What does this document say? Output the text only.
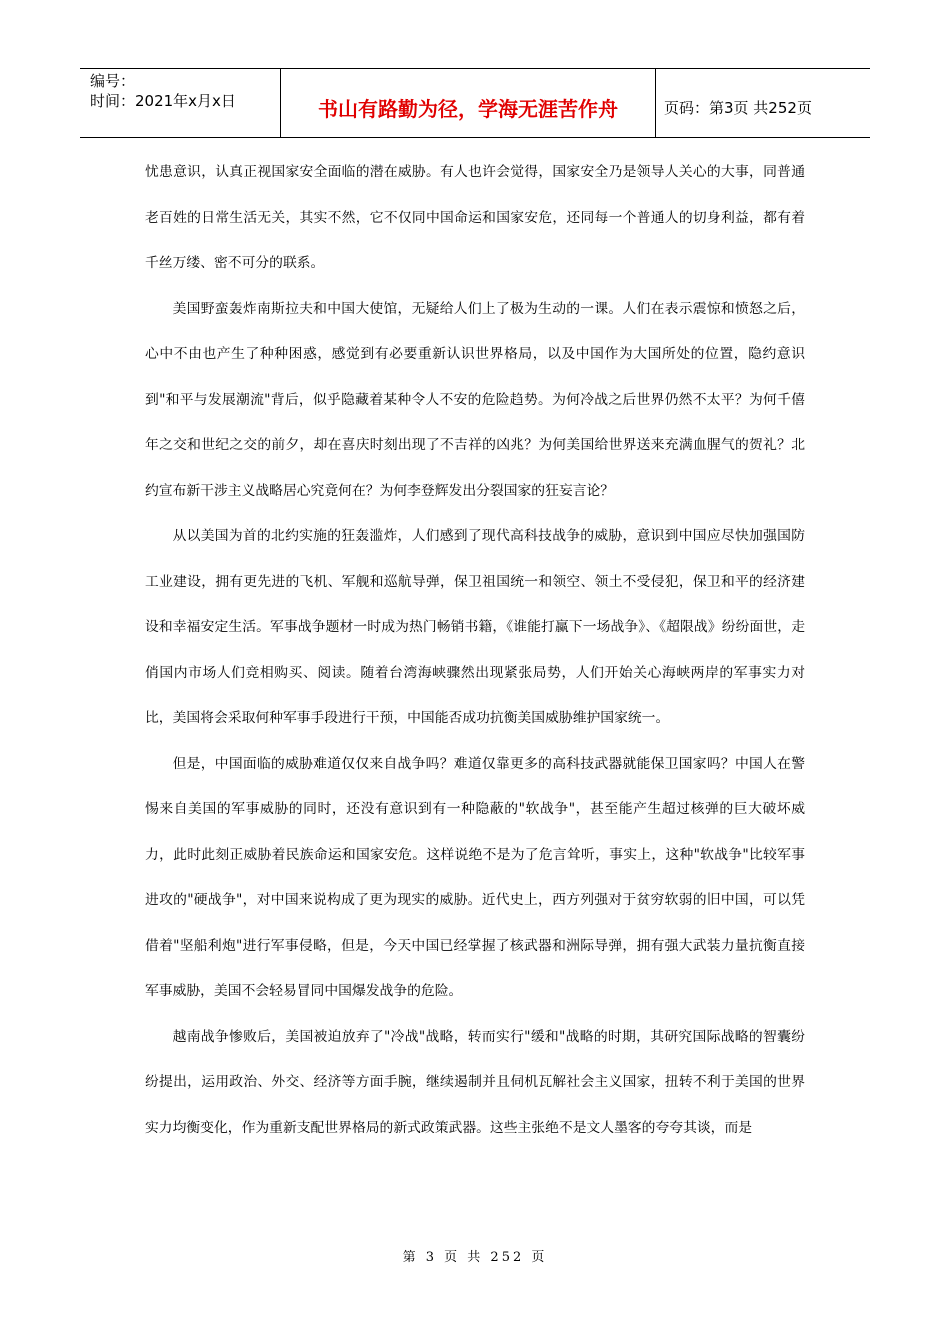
编号：
时间：2021年x月x日	书山有路勤为径，学海无涯苦作舟	页码：第3页 共252页

忧患意识，认真正视国家安全面临的潜在威胁。有人也许会觉得，国家安全乃是领导人关心的大事，同普通老百姓的日常生活无关，其实不然，它不仅同中国命运和国家安危，还同每一个普通人的切身利益，都有着千丝万缕、密不可分的联系。

美国野蛮轰炸南斯拉夫和中国大使馆，无疑给人们上了极为生动的一课。人们在表示震惊和愤怒之后，心中不由也产生了种种困惑，感觉到有必要重新认识世界格局，以及中国作为大国所处的位置，隐约意识到"和平与发展潮流"背后，似乎隐藏着某种令人不安的危险趋势。为何冷战之后世界仍然不太平？为何千僖年之交和世纪之交的前夕，却在喜庆时刻出现了不吉祥的凶兆？为何美国给世界送来充满血腥气的贺礼？北约宣布新干涉主义战略居心究竟何在？为何李登辉发出分裂国家的狂妄言论？

从以美国为首的北约实施的狂轰滥炸，人们感到了现代高科技战争的威胁，意识到中国应尽快加强国防工业建设，拥有更先进的飞机、军舰和巡航导弹，保卫祖国统一和领空、领土不受侵犯，保卫和平的经济建设和幸福安定生活。军事战争题材一时成为热门畅销书籍，《谁能打赢下一场战争》、《超限战》纷纷面世，走俏国内市场人们竞相购买、阅读。随着台湾海峡骤然出现紧张局势，人们开始关心海峡两岸的军事实力对比，美国将会采取何种军事手段进行干预，中国能否成功抗衡美国威胁维护国家统一。

但是，中国面临的威胁难道仅仅来自战争吗？难道仅靠更多的高科技武器就能保卫国家吗？中国人在警惕来自美国的军事威胁的同时，还没有意识到有一种隐蔽的"软战争"，甚至能产生超过核弹的巨大破坏威力，此时此刻正威胁着民族命运和国家安危。这样说绝不是为了危言耸听，事实上，这种"软战争"比较军事进攻的"硬战争"，对中国来说构成了更为现实的威胁。近代史上，西方列强对于贫穷软弱的旧中国，可以凭借着"坚船利炮"进行军事侵略，但是，今天中国已经掌握了核武器和洲际导弹，拥有强大武装力量抗衡直接军事威胁，美国不会轻易冒同中国爆发战争的危险。

越南战争惨败后，美国被迫放弃了"冷战"战略，转而实行"缓和"战略的时期，其研究国际战略的智囊纷纷提出，运用政治、外交、经济等方面手腕，继续遏制并且伺机瓦解社会主义国家，扭转不利于美国的世界实力均衡变化，作为重新支配世界格局的新式政策武器。这些主张绝不是文人墨客的夸夸其谈，而是

第 3 页 共 252 页
